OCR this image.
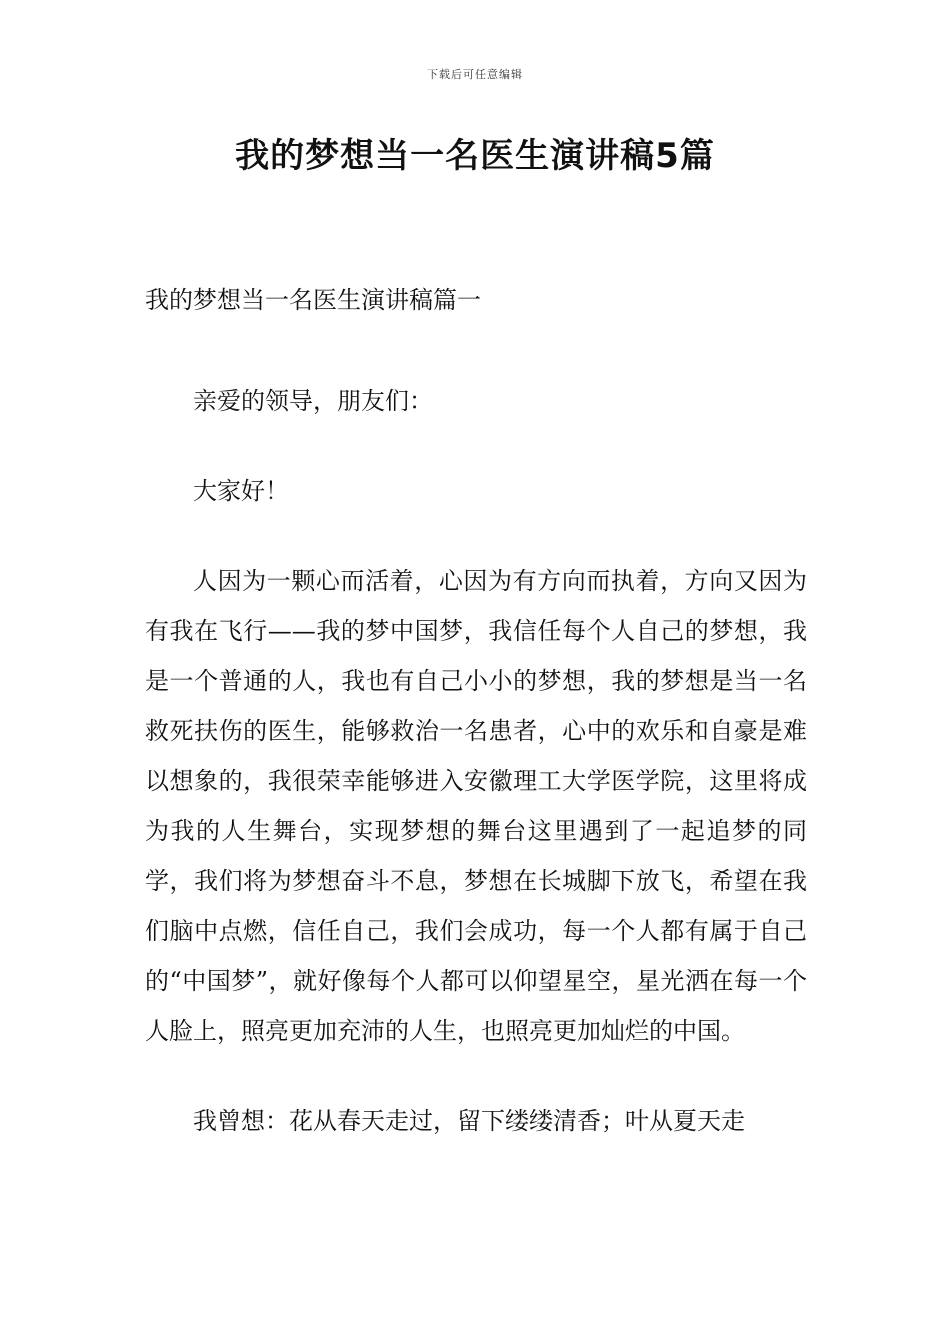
下载后可任意编辑
我的梦想当一名医生演讲稿5篇

我的梦想当一名医生演讲稿篇一

亲爱的领导，朋友们：

大家好！

人因为一颗心而活着，心因为有方向而执着，方向又因为有我在飞行——我的梦中国梦，我信任每个人自己的梦想，我是一个普通的人，我也有自己小小的梦想，我的梦想是当一名救死扶伤的医生，能够救治一名患者，心中的欢乐和自豪是难以想象的，我很荣幸能够进入安徽理工大学医学院，这里将成为我的人生舞台，实现梦想的舞台这里遇到了一起追梦的同学，我们将为梦想奋斗不息，梦想在长城脚下放飞，希望在我们脑中点燃，信任自己，我们会成功，每一个人都有属于自己的“中国梦”，就好像每个人都可以仰望星空，星光洒在每一个人脸上，照亮更加充沛的人生，也照亮更加灿烂的中国。

我曾想：花从春天走过，留下缕缕清香；叶从夏天走
